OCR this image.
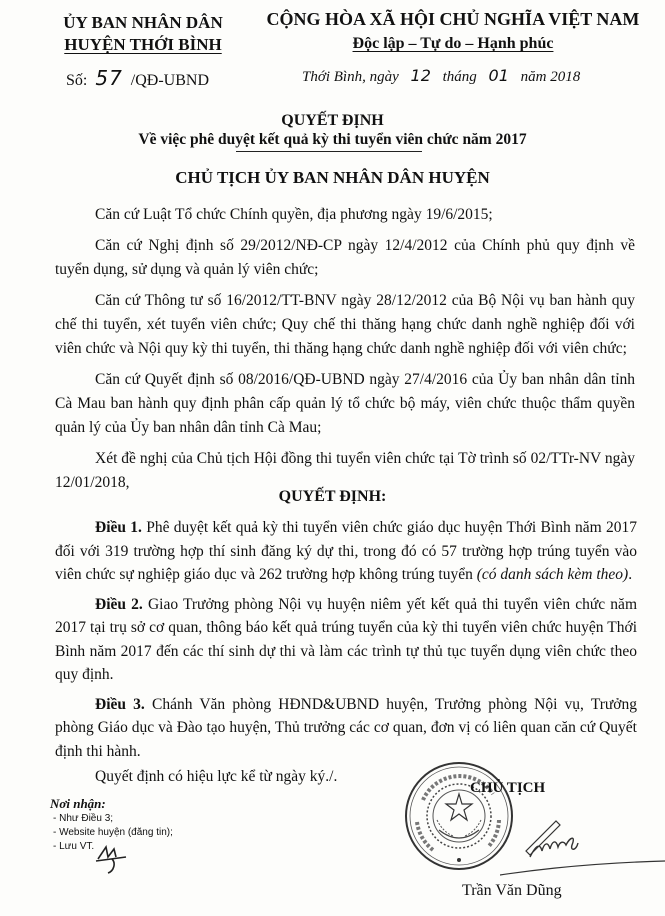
ỦY BAN NHÂN DÂN
HUYỆN THỚI BÌNH
CỘNG HÒA XÃ HỘI CHỦ NGHĨA VIỆT NAM
Độc lập – Tự do – Hạnh phúc
Số: 57 /QĐ-UBND	Thới Bình, ngày 12 tháng 01 năm 2018
QUYẾT ĐỊNH
Về việc phê duyệt kết quả kỳ thi tuyển viên chức năm 2017
CHỦ TỊCH ỦY BAN NHÂN DÂN HUYỆN

Căn cứ Luật Tổ chức Chính quyền, địa phương ngày 19/6/2015;

Căn cứ Nghị định số 29/2012/NĐ-CP ngày 12/4/2012 của Chính phủ quy định về tuyển dụng, sử dụng và quản lý viên chức;

Căn cứ Thông tư số 16/2012/TT-BNV ngày 28/12/2012 của Bộ Nội vụ ban hành quy chế thi tuyển, xét tuyển viên chức; Quy chế thi thăng hạng chức danh nghề nghiệp đối với viên chức và Nội quy kỳ thi tuyển, thi thăng hạng chức danh nghề nghiệp đối với viên chức;

Căn cứ Quyết định số 08/2016/QĐ-UBND ngày 27/4/2016 của Ủy ban nhân dân tỉnh Cà Mau ban hành quy định phân cấp quản lý tổ chức bộ máy, viên chức thuộc thẩm quyền quản lý của Ủy ban nhân dân tỉnh Cà Mau;

Xét đề nghị của Chủ tịch Hội đồng thi tuyển viên chức tại Tờ trình số 02/TTr-NV ngày 12/01/2018,

QUYẾT ĐỊNH:

Điều 1. Phê duyệt kết quả kỳ thi tuyển viên chức giáo dục huyện Thới Bình năm 2017 đối với 319 trường hợp thí sinh đăng ký dự thi, trong đó có 57 trường hợp trúng tuyển vào viên chức sự nghiệp giáo dục và 262 trường hợp không trúng tuyển (có danh sách kèm theo).

Điều 2. Giao Trưởng phòng Nội vụ huyện niêm yết kết quả thi tuyển viên chức năm 2017 tại trụ sở cơ quan, thông báo kết quả trúng tuyển của kỳ thi tuyển viên chức huyện Thới Bình năm 2017 đến các thí sinh dự thi và làm các trình tự thủ tục tuyển dụng viên chức theo quy định.

Điều 3. Chánh Văn phòng HĐND&UBND huyện, Trưởng phòng Nội vụ, Trưởng phòng Giáo dục và Đào tạo huyện, Thủ trưởng các cơ quan, đơn vị có liên quan căn cứ Quyết định thi hành.

Quyết định có hiệu lực kể từ ngày ký./.
Nơi nhận:
- Như Điều 3;
- Website huyện (đăng tin);
- Lưu VT.
CHỦ TỊCH
Trần Văn Dũng
